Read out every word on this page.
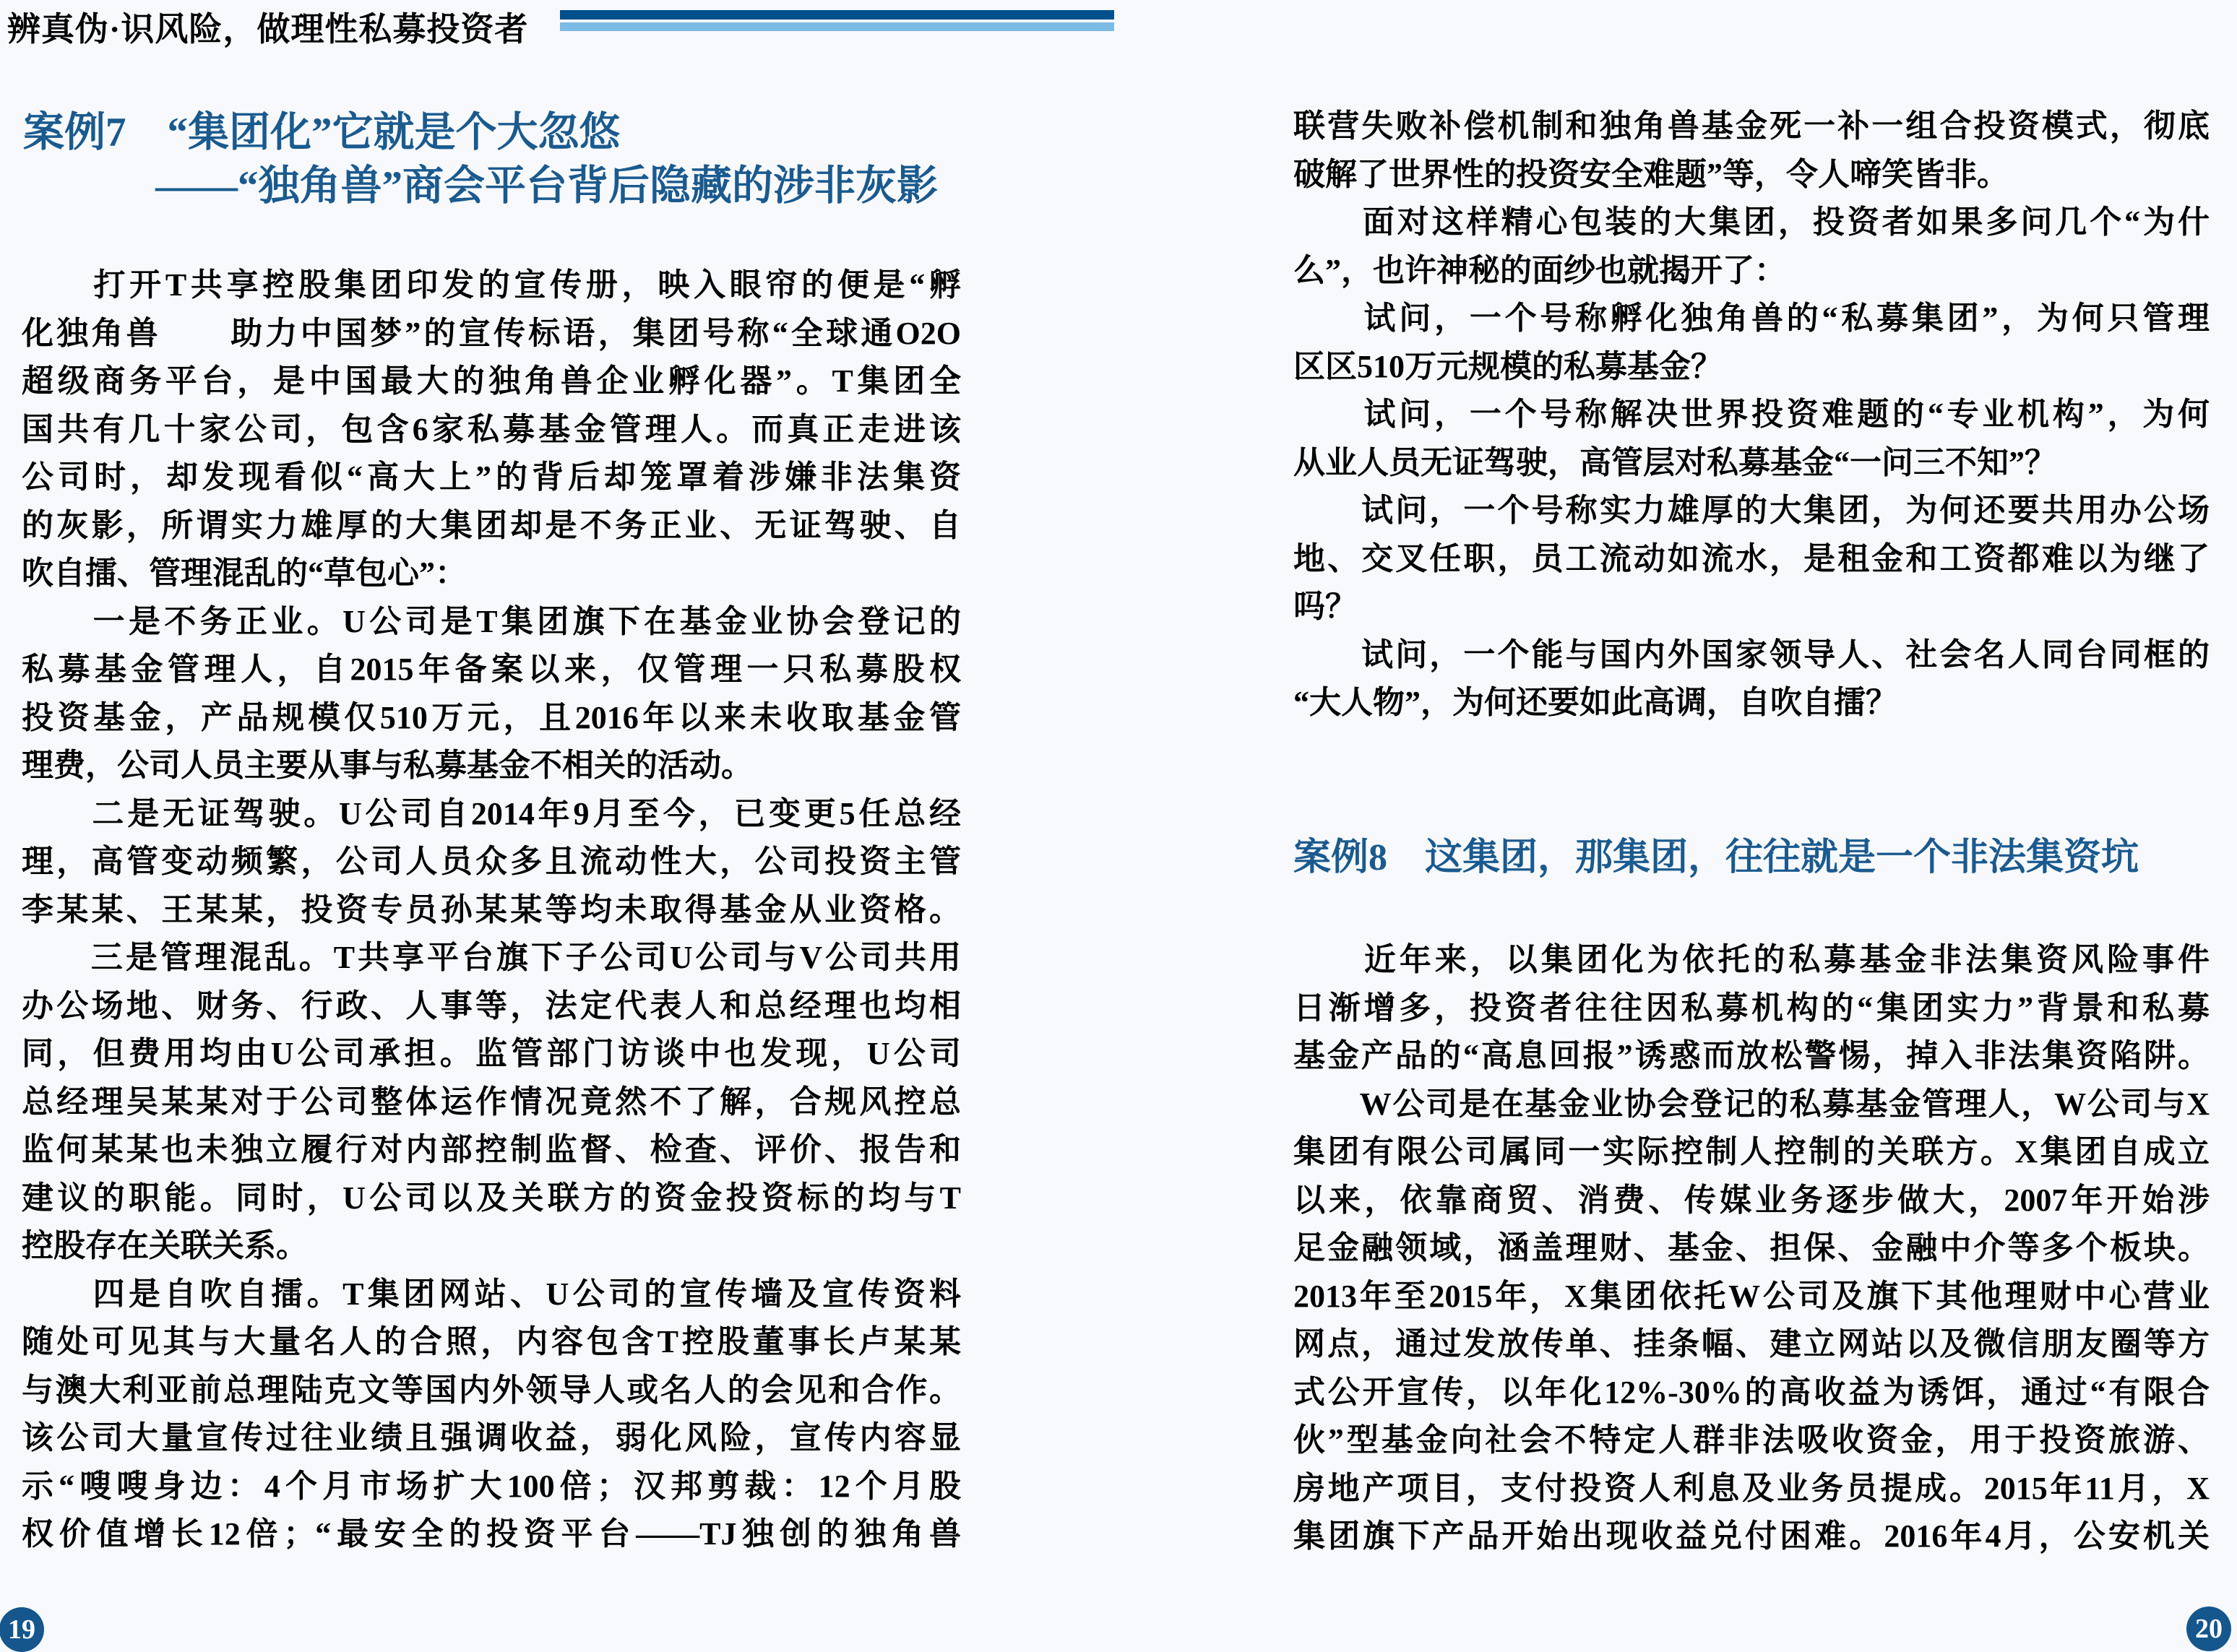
辨真伪·识风险，做理性私募投资者
案例7　“集团化”它就是个大忽悠
——“独角兽”商会平台背后隐藏的涉非灰影
　　打开T共享控股集团印发的宣传册，映入眼帘的便是“孵
化独角兽　　助力中国梦”的宣传标语，集团号称“全球通O2O
超级商务平台，是中国最大的独角兽企业孵化器”。T集团全
国共有几十家公司，包含6家私募基金管理人。而真正走进该
公司时，却发现看似“高大上”的背后却笼罩着涉嫌非法集资
的灰影，所谓实力雄厚的大集团却是不务正业、无证驾驶、自
吹自擂、管理混乱的“草包心”：
　　一是不务正业。U公司是T集团旗下在基金业协会登记的
私募基金管理人，自2015年备案以来，仅管理一只私募股权
投资基金，产品规模仅510万元，且2016年以来未收取基金管
理费，公司人员主要从事与私募基金不相关的活动。
　　二是无证驾驶。U公司自2014年9月至今，已变更5任总经
理，高管变动频繁，公司人员众多且流动性大，公司投资主管
李某某、王某某，投资专员孙某某等均未取得基金从业资格。
　　三是管理混乱。T共享平台旗下子公司U公司与V公司共用
办公场地、财务、行政、人事等，法定代表人和总经理也均相
同，但费用均由U公司承担。监管部门访谈中也发现，U公司
总经理吴某某对于公司整体运作情况竟然不了解，合规风控总
监何某某也未独立履行对内部控制监督、检查、评价、报告和
建议的职能。同时，U公司以及关联方的资金投资标的均与T
控股存在关联关系。
　　四是自吹自擂。T集团网站、U公司的宣传墙及宣传资料
随处可见其与大量名人的合照，内容包含T控股董事长卢某某
与澳大利亚前总理陆克文等国内外领导人或名人的会见和合作。
该公司大量宣传过往业绩且强调收益，弱化风险，宣传内容显
示“嗖嗖身边：4个月市场扩大100倍；汉邦剪裁：12个月股
权价值增长12倍；“最安全的投资平台——TJ独创的独角兽
19
联营失败补偿机制和独角兽基金死一补一组合投资模式，彻底
破解了世界性的投资安全难题”等，令人啼笑皆非。
　　面对这样精心包装的大集团，投资者如果多问几个“为什
么”，也许神秘的面纱也就揭开了：
　　试问，一个号称孵化独角兽的“私募集团”，为何只管理
区区510万元规模的私募基金？
　　试问，一个号称解决世界投资难题的“专业机构”，为何
从业人员无证驾驶，高管层对私募基金“一问三不知”？
　　试问，一个号称实力雄厚的大集团，为何还要共用办公场
地、交叉任职，员工流动如流水，是租金和工资都难以为继了
吗？
　　试问，一个能与国内外国家领导人、社会名人同台同框的
“大人物”，为何还要如此高调，自吹自擂？
案例8　这集团，那集团，往往就是一个非法集资坑
　　近年来，以集团化为依托的私募基金非法集资风险事件
日渐增多，投资者往往因私募机构的“集团实力”背景和私募
基金产品的“高息回报”诱惑而放松警惕，掉入非法集资陷阱。
　　W公司是在基金业协会登记的私募基金管理人，W公司与X
集团有限公司属同一实际控制人控制的关联方。X集团自成立
以来，依靠商贸、消费、传媒业务逐步做大，2007年开始涉
足金融领域，涵盖理财、基金、担保、金融中介等多个板块。
2013年至2015年，X集团依托W公司及旗下其他理财中心营业
网点，通过发放传单、挂条幅、建立网站以及微信朋友圈等方
式公开宣传，以年化12%-30%的高收益为诱饵，通过“有限合
伙”型基金向社会不特定人群非法吸收资金，用于投资旅游、
房地产项目，支付投资人利息及业务员提成。2015年11月，X
集团旗下产品开始出现收益兑付困难。2016年4月，公安机关
20
